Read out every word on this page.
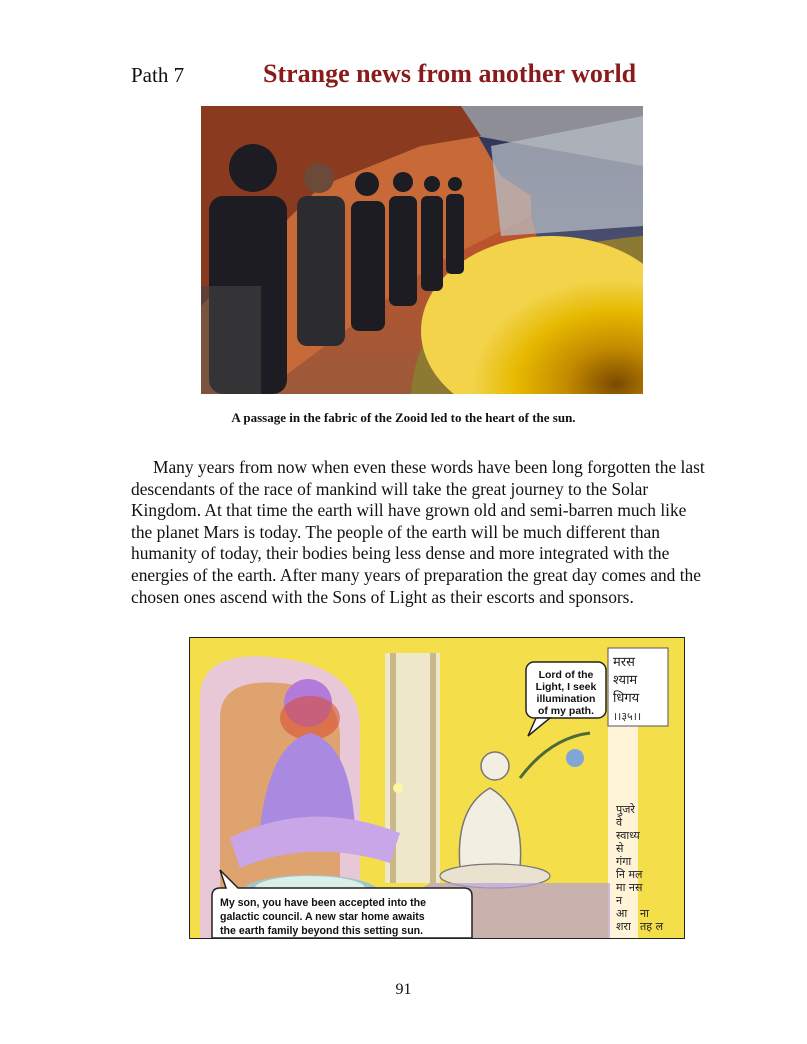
Path 7	Strange news from another world
A passage in the fabric of the Zooid led to the heart of the sun.
Many years from now when even these words have been long forgotten the last descendants of the race of mankind will take the great journey to the Solar Kingdom. At that time the earth will have grown old and semi-barren much like the planet Mars is today. The people of the earth will be much different than humanity of today, their bodies being less dense and more integrated with the energies of the earth. After many years of preparation the great day comes and the chosen ones ascend with the Sons of Light as their escorts and sponsors.
Lord of the
Light, I seek
illumination
of my path.
मरस
श्याम
धिगय
।।३५।।
पुजरे
वे
स्वाध्य
से
गंगा
नि मल
मा नस
न
आ ना
शरा तह ल
My son, you have been accepted into the
galactic council. A new star home awaits
the earth family beyond this setting sun.
91
